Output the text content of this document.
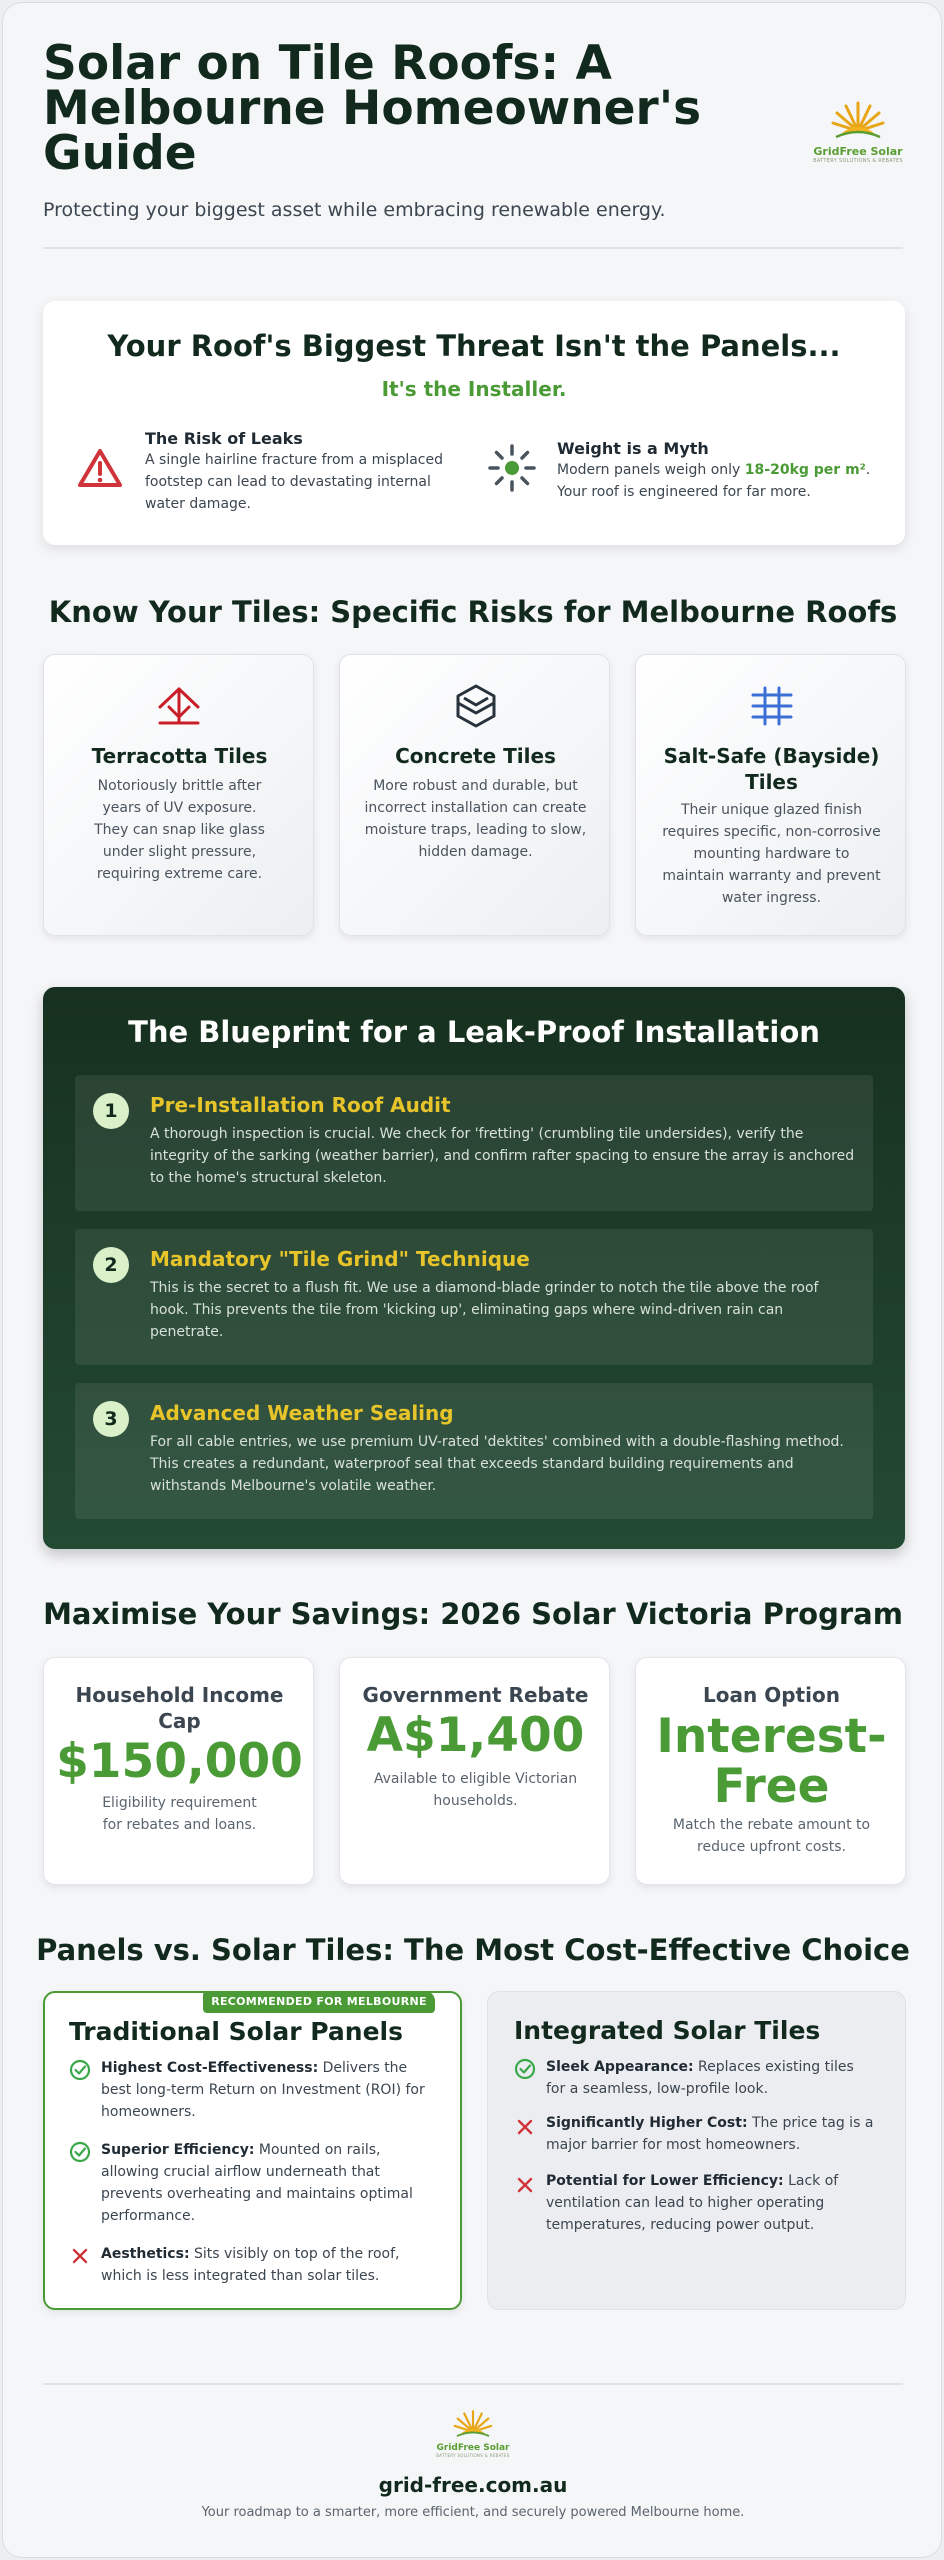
Solar on Tile Roofs: A Melbourne Homeowner's Guide
Protecting your biggest asset while embracing renewable energy.
GridFree Solar
BATTERY SOLUTIONS & REBATES
Your Roof's Biggest Threat Isn't the Panels...
It's the Installer.
The Risk of Leaks
A single hairline fracture from a misplaced footstep can lead to devastating internal water damage.
Weight is a Myth
Modern panels weigh only 18-20kg per m². Your roof is engineered for far more.
Know Your Tiles: Specific Risks for Melbourne Roofs
Terracotta Tiles
Notoriously brittle after years of UV exposure. They can snap like glass under slight pressure, requiring extreme care.
Concrete Tiles
More robust and durable, but incorrect installation can create moisture traps, leading to slow, hidden damage.
Salt-Safe (Bayside) Tiles
Their unique glazed finish requires specific, non-corrosive mounting hardware to maintain warranty and prevent water ingress.
The Blueprint for a Leak-Proof Installation
1	Pre-Installation Roof Audit
A thorough inspection is crucial. We check for 'fretting' (crumbling tile undersides), verify the integrity of the sarking (weather barrier), and confirm rafter spacing to ensure the array is anchored to the home's structural skeleton.
2	Mandatory "Tile Grind" Technique
This is the secret to a flush fit. We use a diamond-blade grinder to notch the tile above the roof hook. This prevents the tile from 'kicking up', eliminating gaps where wind-driven rain can penetrate.
3	Advanced Weather Sealing
For all cable entries, we use premium UV-rated 'dektites' combined with a double-flashing method. This creates a redundant, waterproof seal that exceeds standard building requirements and withstands Melbourne's volatile weather.
Maximise Your Savings: 2026 Solar Victoria Program
Household Income Cap
$150,000
Eligibility requirement for rebates and loans.
Government Rebate
A$1,400
Available to eligible Victorian households.
Loan Option
Interest-Free
Match the rebate amount to reduce upfront costs.
Panels vs. Solar Tiles: The Most Cost-Effective Choice
RECOMMENDED FOR MELBOURNE
Traditional Solar Panels
Highest Cost-Effectiveness: Delivers the best long-term Return on Investment (ROI) for homeowners.
Superior Efficiency: Mounted on rails, allowing crucial airflow underneath that prevents overheating and maintains optimal performance.
Aesthetics: Sits visibly on top of the roof, which is less integrated than solar tiles.
Integrated Solar Tiles
Sleek Appearance: Replaces existing tiles for a seamless, low-profile look.
Significantly Higher Cost: The price tag is a major barrier for most homeowners.
Potential for Lower Efficiency: Lack of ventilation can lead to higher operating temperatures, reducing power output.
GridFree Solar
BATTERY SOLUTIONS & REBATES
grid-free.com.au
Your roadmap to a smarter, more efficient, and securely powered Melbourne home.
